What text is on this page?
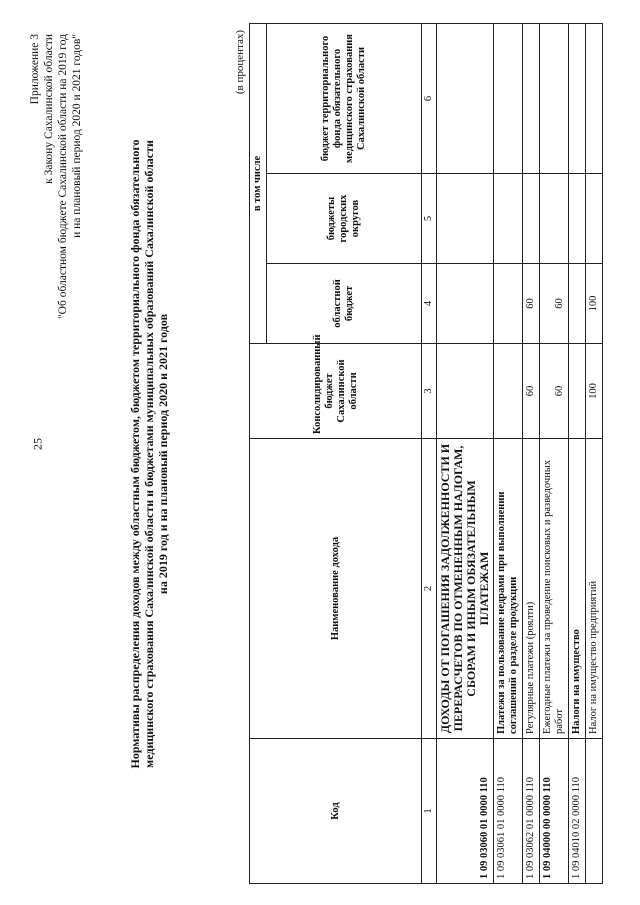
25
Приложение 3 к Закону Сахалинской области "Об областном бюджете Сахалинской области на 2019 год и на плановый период 2020 и 2021 годов"
Нормативы распределения доходов между областным бюджетом, бюджетом территориального фонда обязательного медицинского страхования Сахалинской области и бюджетами муниципальных образований Сахалинской области на 2019 год и на плановый период 2020 и 2021 годов
(в процентах)
Код	Наименование дохода	Консолидированный бюджет Сахалинской области	в том числе		
			областной бюджет	бюджеты городских округов	бюджет территориального фонда обязательного медицинского страхования Сахалинской области
1	2	3	4	5	6
1 09 03060 01 0000 110	ДОХОДЫ ОТ ПОГАШЕНИЯ ЗАДОЛЖЕННОСТИ И ПЕРЕРАСЧЕТОВ ПО ОТМЕНЕННЫМ НАЛОГАМ, СБОРАМ И ИНЫМ ОБЯЗАТЕЛЬНЫМ ПЛАТЕЖАМ				
1 09 03061 01 0000 110	Платежи за пользование недрами при выполнении соглашений о разделе продукции				
1 09 03062 01 0000 110	Регулярные платежи (роялти)	60	60		
1 09 04000 00 0000 110	Ежегодные платежи за проведение поисковых и разведочных работ	60	60		
1 09 04010 02 0000 110	Налоги на имущество				
	Налог на имущество предприятий	100	100		
